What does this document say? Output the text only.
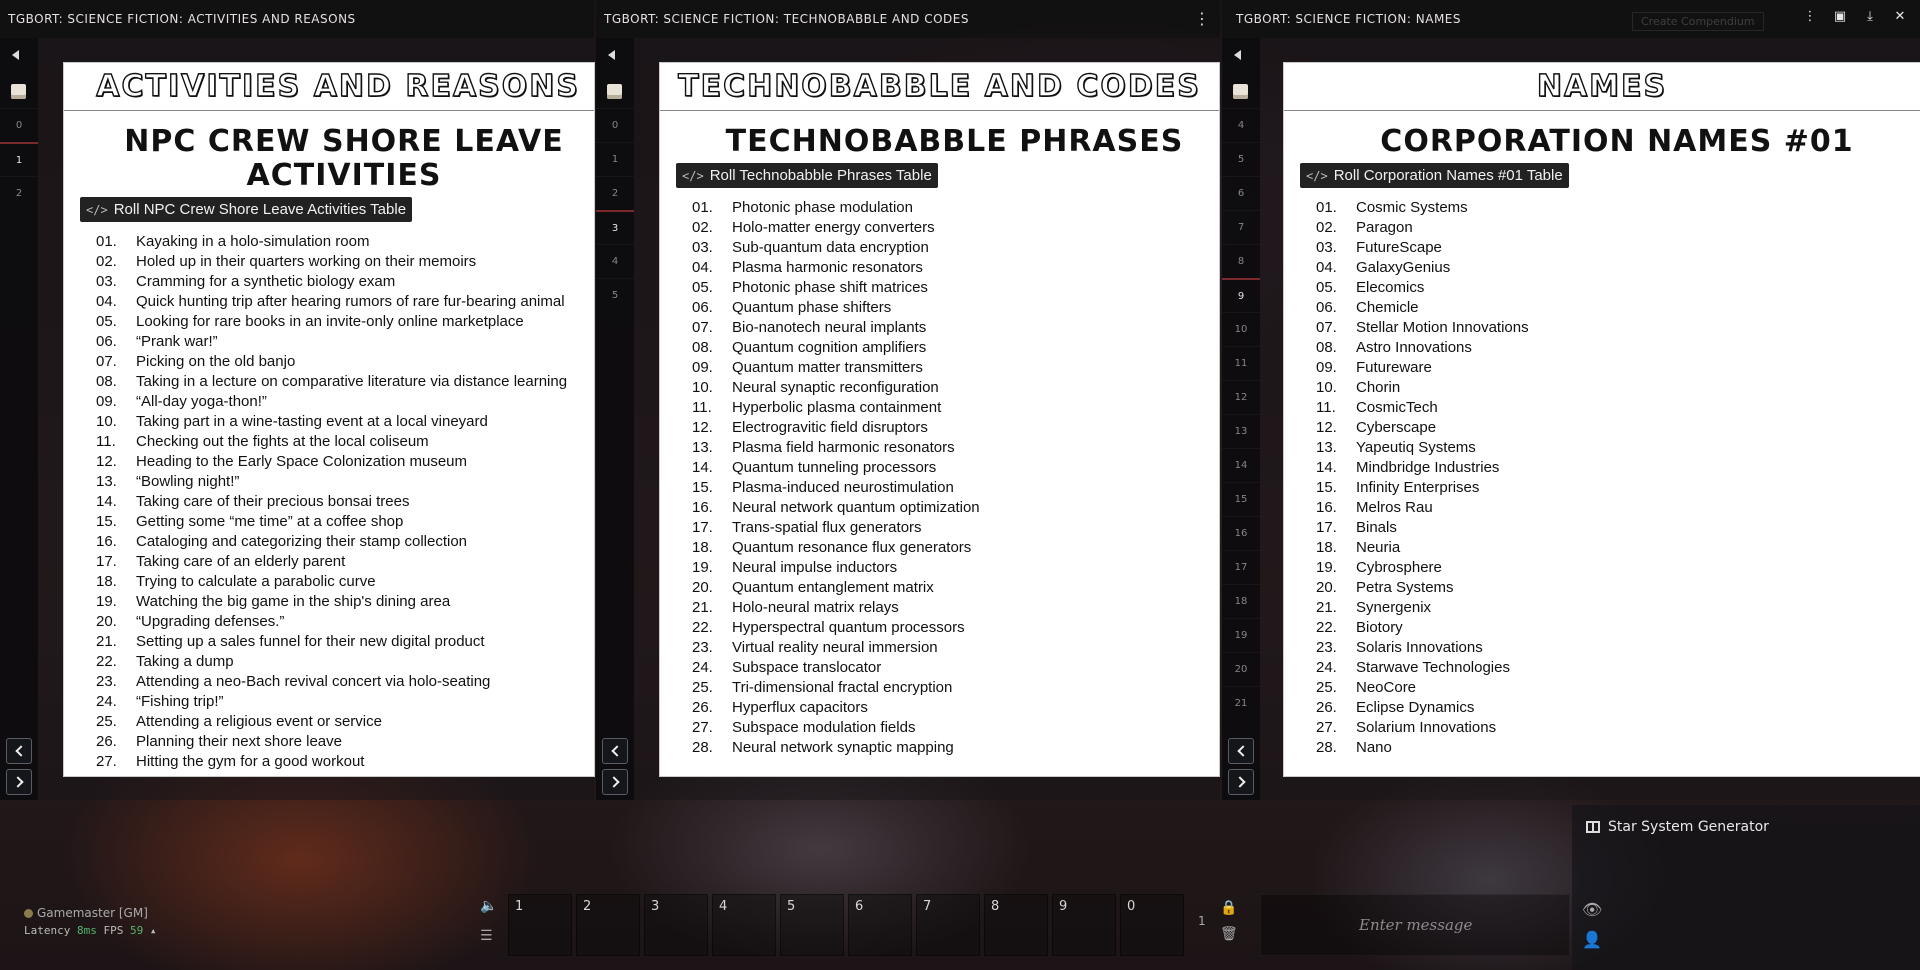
TGBORT: SCIENCE FICTION: ACTIVITIES AND REASONS
0
1
2
ACTIVITIES AND REASONS
NPC CREW SHORE LEAVE ACTIVITIES
</> Roll NPC Crew Shore Leave Activities Table
01.	Kayaking in a holo-simulation room
02.	Holed up in their quarters working on their memoirs
03.	Cramming for a synthetic biology exam
04.	Quick hunting trip after hearing rumors of rare fur-bearing animal
05.	Looking for rare books in an invite-only online marketplace
06.	“Prank war!”
07.	Picking on the old banjo
08.	Taking in a lecture on comparative literature via distance learning
09.	“All-day yoga-thon!”
10.	Taking part in a wine-tasting event at a local vineyard
11.	Checking out the fights at the local coliseum
12.	Heading to the Early Space Colonization museum
13.	“Bowling night!”
14.	Taking care of their precious bonsai trees
15.	Getting some “me time” at a coffee shop
16.	Cataloging and categorizing their stamp collection
17.	Taking care of an elderly parent
18.	Trying to calculate a parabolic curve
19.	Watching the big game in the ship's dining area
20.	“Upgrading defenses.”
21.	Setting up a sales funnel for their new digital product
22.	Taking a dump
23.	Attending a neo-Bach revival concert via holo-seating
24.	“Fishing trip!”
25.	Attending a religious event or service
26.	Planning their next shore leave
27.	Hitting the gym for a good workout
TGBORT: SCIENCE FICTION: TECHNOBABBLE AND CODES	⋮
0
1
2
3
4
5
TECHNOBABBLE AND CODES
TECHNOBABBLE PHRASES
</> Roll Technobabble Phrases Table
01.	Photonic phase modulation
02.	Holo-matter energy converters
03.	Sub-quantum data encryption
04.	Plasma harmonic resonators
05.	Photonic phase shift matrices
06.	Quantum phase shifters
07.	Bio-nanotech neural implants
08.	Quantum cognition amplifiers
09.	Quantum matter transmitters
10.	Neural synaptic reconfiguration
11.	Hyperbolic plasma containment
12.	Electrogravitic field disruptors
13.	Plasma field harmonic resonators
14.	Quantum tunneling processors
15.	Plasma-induced neurostimulation
16.	Neural network quantum optimization
17.	Trans-spatial flux generators
18.	Quantum resonance flux generators
19.	Neural impulse inductors
20.	Quantum entanglement matrix
21.	Holo-neural matrix relays
22.	Hyperspectral quantum processors
23.	Virtual reality neural immersion
24.	Subspace translocator
25.	Tri-dimensional fractal encryption
26.	Hyperflux capacitors
27.	Subspace modulation fields
28.	Neural network synaptic mapping
TGBORT: SCIENCE FICTION: NAMES	Create Compendium	⋮ ▣	⤓	✕
4
5
6
7
8
9
10
11
12
13
14
15
16
17
18
19
20
21
NAMES
CORPORATION NAMES #01
</> Roll Corporation Names #01 Table
01.	Cosmic Systems
02.	Paragon
03.	FutureScape
04.	GalaxyGenius
05.	Elecomics
06.	Chemicle
07.	Stellar Motion Innovations
08.	Astro Innovations
09.	Futureware
10.	Chorin
11.	CosmicTech
12.	Cyberscape
13.	Yapeutiq Systems
14.	Mindbridge Industries
15.	Infinity Enterprises
16.	Melros Rau
17.	Binals
18.	Neuria
19.	Cybrosphere
20.	Petra Systems
21.	Synergenix
22.	Biotory
23.	Solaris Innovations
24.	Starwave Technologies
25.	NeoCore
26.	Eclipse Dynamics
27.	Solarium Innovations
28.	Nano
Gamemaster [GM]
Latency 8ms FPS 59 ▴
🔈
☰
1	2	3	4	5	6	7	8	9	0
1
🔒
🗑	Enter message
Star System Generator
👁
👤
